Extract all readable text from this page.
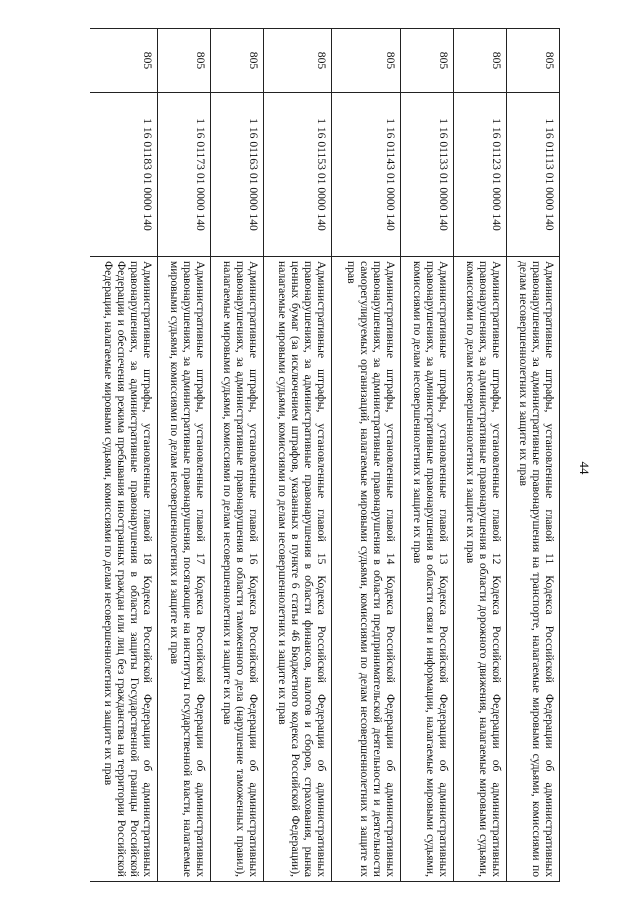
44
805	1 16 01113 01 0000 140	Административные штрафы, установленные главой 11 Кодекса Российской Федерации об административных правонарушениях, за административные правонарушения на транспорте, налагаемые мировыми судьями, комиссиями по делам несовершеннолетних и защите их прав
805	1 16 01123 01 0000 140	Административные штрафы, установленные главой 12 Кодекса Российской Федерации об административных правонарушениях, за административные правонарушения в области дорожного движения, налагаемые мировыми судьями, комиссиями по делам несовершеннолетних и защите их прав
805	1 16 01133 01 0000 140	Административные штрафы, установленные главой 13 Кодекса Российской Федерации об административных правонарушениях, за административные правонарушения в области связи и информации, налагаемые мировыми судьями, комиссиями по делам несовершеннолетних и защите их прав
805	1 16 01143 01 0000 140	Административные штрафы, установленные главой 14 Кодекса Российской Федерации об административных правонарушениях, за административные правонарушения в области предпринимательской деятельности и деятельности саморегулируемых организаций, налагаемые мировыми судьями, комиссиями по делам несовершеннолетних и защите их прав
805	1 16 01153 01 0000 140	Административные штрафы, установленные главой 15 Кодекса Российской Федерации об административных правонарушениях, за административные правонарушения в области финансов, налогов и сборов, страхования, рынка ценных бумаг (за исключением штрафов, указанных в пункте 6 статьи 46 Бюджетного кодекса Российской Федерации), налагаемые мировыми судьями, комиссиями по делам несовершеннолетних и защите их прав
805	1 16 01163 01 0000 140	Административные штрафы, установленные главой 16 Кодекса Российской Федерации об административных правонарушениях, за административные правонарушения в области таможенного дела (нарушение таможенных правил), налагаемые мировыми судьями, комиссиями по делам несовершеннолетних и защите их прав
805	1 16 01173 01 0000 140	Административные штрафы, установленные главой 17 Кодекса Российской Федерации об административных правонарушениях, за административные правонарушения, посягающие на институты государственной власти, налагаемые мировыми судьями, комиссиями по делам несовершеннолетних и защите их прав
805	1 16 01183 01 0000 140	Административные штрафы, установленные главой 18 Кодекса Российской Федерации об административных правонарушениях, за административные правонарушения в области защиты Государственной границы Российской Федерации и обеспечения режима пребывания иностранных граждан или лиц без гражданства на территории Российской Федерации, налагаемые мировыми судьями, комиссиями по делам несовершеннолетних и защите их прав
